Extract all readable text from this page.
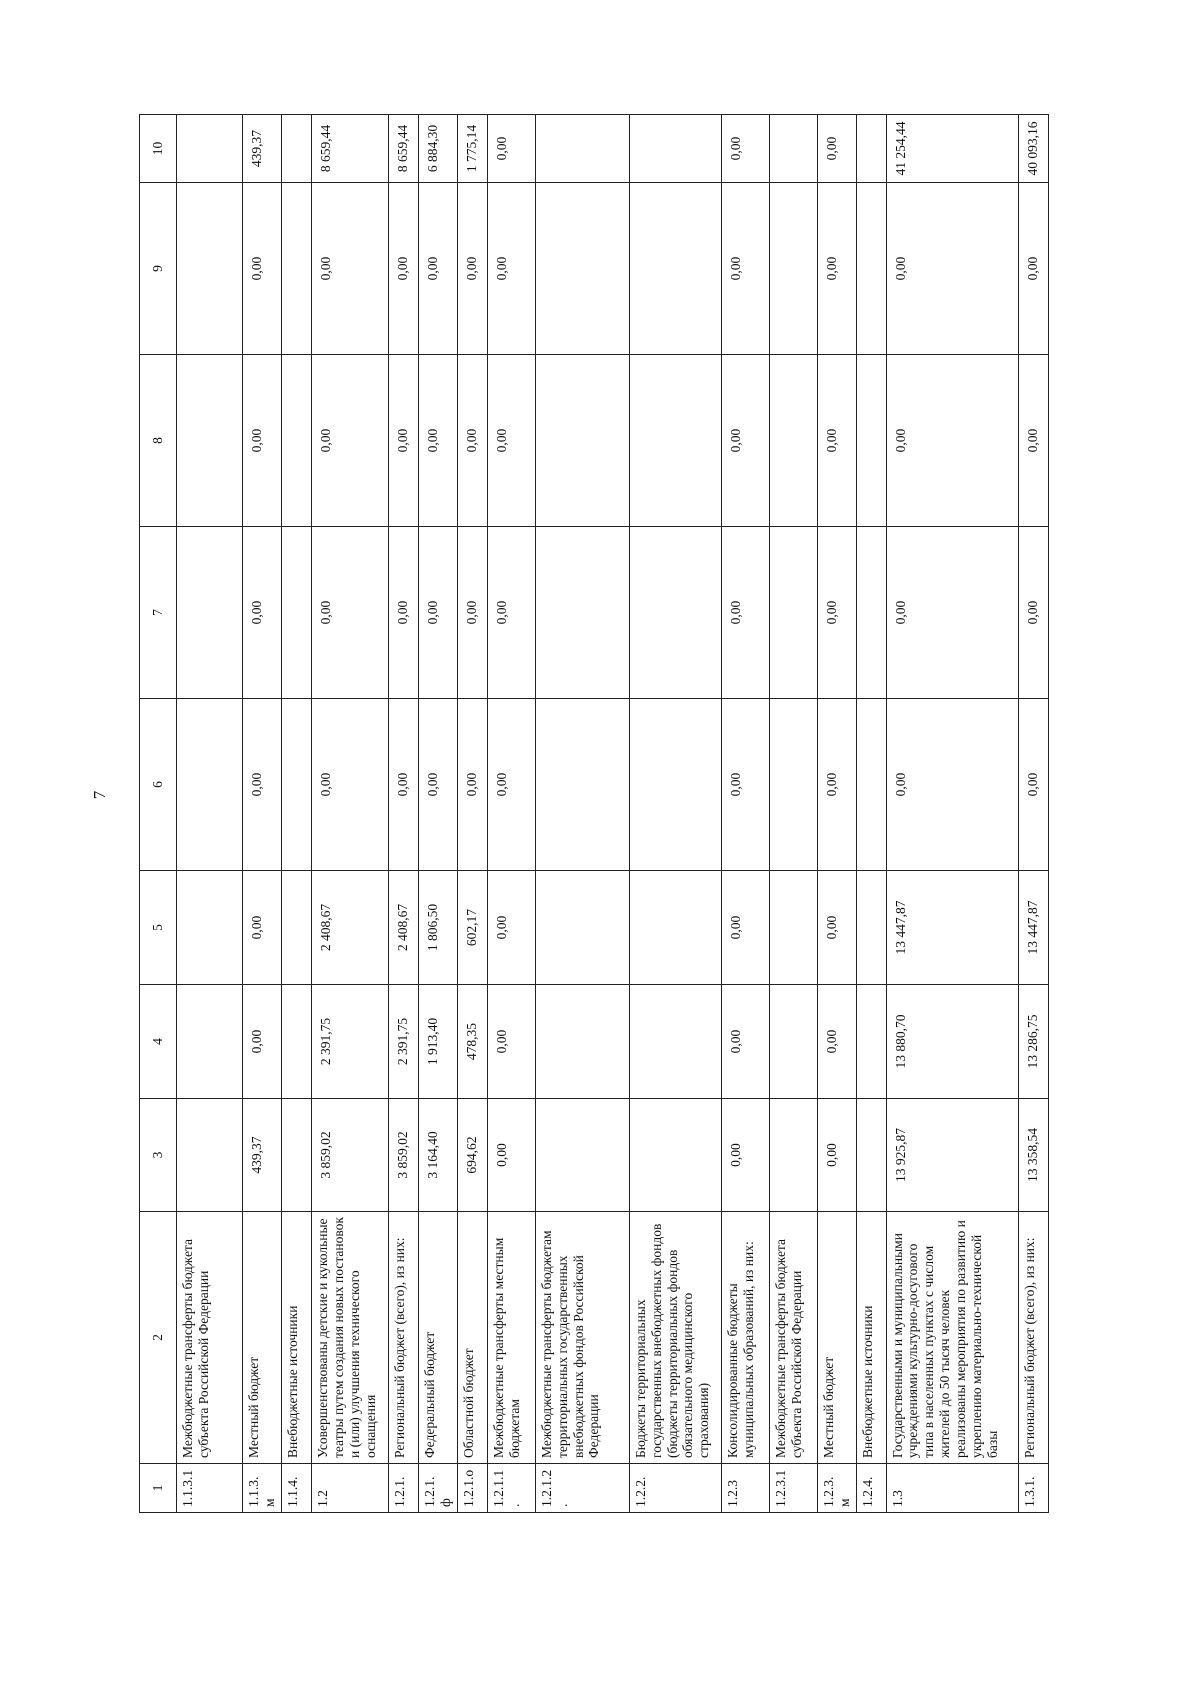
7
1	2	3	4	5	6	7	8	9	10
1.1.3.1	Межбюджетные трансферты бюджета субъекта Российской Федерации								
1.1.3.м	Местный бюджет	439,37	0,00	0,00	0,00	0,00	0,00	0,00	439,37
1.1.4.	Внебюджетные источники								
1.2	Усовершенствованы детские и кукольные театры путем создания новых постановок и (или) улучшения технического оснащения	3 859,02	2 391,75	2 408,67	0,00	0,00	0,00	0,00	8 659,44
1.2.1.	Региональный бюджет (всего), из них:	3 859,02	2 391,75	2 408,67	0,00	0,00	0,00	0,00	8 659,44
1.2.1.ф	Федеральный бюджет	3 164,40	1 913,40	1 806,50	0,00	0,00	0,00	0,00	6 884,30
1.2.1.о	Областной бюджет	694,62	478,35	602,17	0,00	0,00	0,00	0,00	1 775,14
1.2.1.1.	Межбюджетные трансферты местным бюджетам	0,00	0,00	0,00	0,00	0,00	0,00	0,00	0,00
1.2.1.2.	Межбюджетные трансферты бюджетам территориальных государственных внебюджетных фондов Российской Федерации								
1.2.2.	Бюджеты территориальных государственных внебюджетных фондов (бюджеты территориальных фондов обязательного медицинского страхования)								
1.2.3	Консолидированные бюджеты муниципальных образований, из них:	0,00	0,00	0,00	0,00	0,00	0,00	0,00	0,00
1.2.3.1	Межбюджетные трансферты бюджета субъекта Российской Федерации								
1.2.3.м	Местный бюджет	0,00	0,00	0,00	0,00	0,00	0,00	0,00	0,00
1.2.4.	Внебюджетные источники								
1.3	Государственными и муниципальными учреждениями культурно-досугового типа в населенных пунктах с числом жителей до 50 тысяч человек реализованы мероприятия по развитию и укреплению материально-технической базы	13 925,87	13 880,70	13 447,87	0,00	0,00	0,00	0,00	41 254,44
1.3.1.	Региональный бюджет (всего), из них:	13 358,54	13 286,75	13 447,87	0,00	0,00	0,00	0,00	40 093,16
